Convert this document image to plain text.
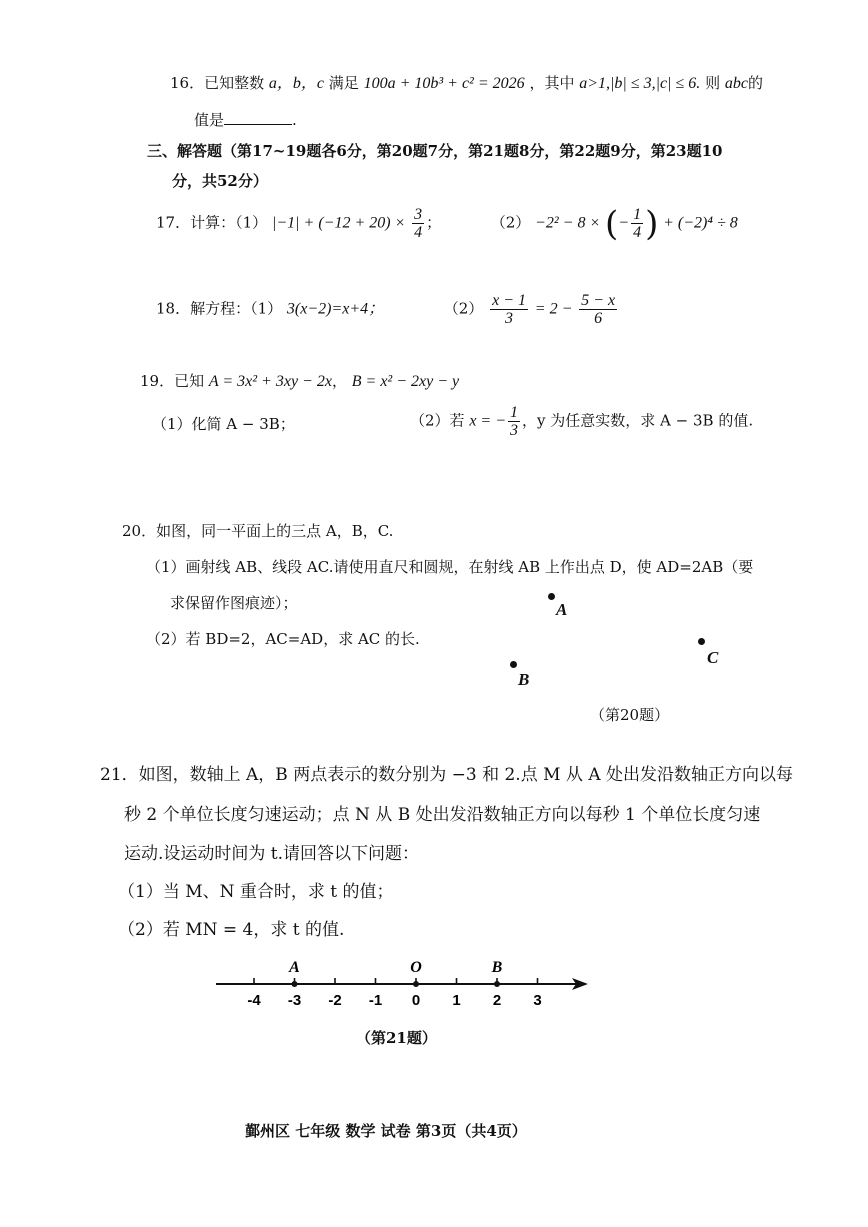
16．已知整数 a，b，c 满足 100a + 10b³ + c² = 2026 ，其中 a>1,|b| ≤ 3,|c| ≤ 6. 则 abc的
值是	.
三、解答题（第17~19题各6分，第20题7分，第21题8分，第22题9分，第23题10
分，共52分）
17．计算：（1） $|-1| + (-12 + 20) \times \frac{3}{4}$ ；	（2） −2² − 8 × (− $\frac{1}{4}$ ) + (−2)⁴ ÷ 8
18．解方程：（1） 3(x−2)=x+4；	$(2) \frac{x - 1}{3} = 2 - \frac{5 - x}{6}$
19．已知 A = 3x² + 3xy − 2x， B = x² − 2xy − y
（1）化简 A − 3B；	（2）若 x = − $\frac{1}{3}$ ，y 为任意实数，求 A − 3B 的值.
20．如图，同一平面上的三点 A，B，C.
（1）画射线 AB、线段 AC.请使用直尺和圆规，在射线 AB 上作出点 D，使 AD=2AB（要
求保留作图痕迹）；
（2）若 BD=2，AC=AD，求 AC 的长.
A
B
C
（第20题）
21．如图，数轴上 A，B 两点表示的数分别为 −3 和 2.点 M 从 A 处出发沿数轴正方向以每
秒 2 个单位长度匀速运动；点 N 从 B 处出发沿数轴正方向以每秒 1 个单位长度匀速
运动.设运动时间为 t.请回答以下问题：
（1）当 M、N 重合时，求 t 的值；
（2）若 MN = 4，求 t 的值.
-4 -3 -2 -1 0 1 2 3
A	O	B
（第21题）
鄞州区 七年级 数学 试卷 第3页（共4页）
